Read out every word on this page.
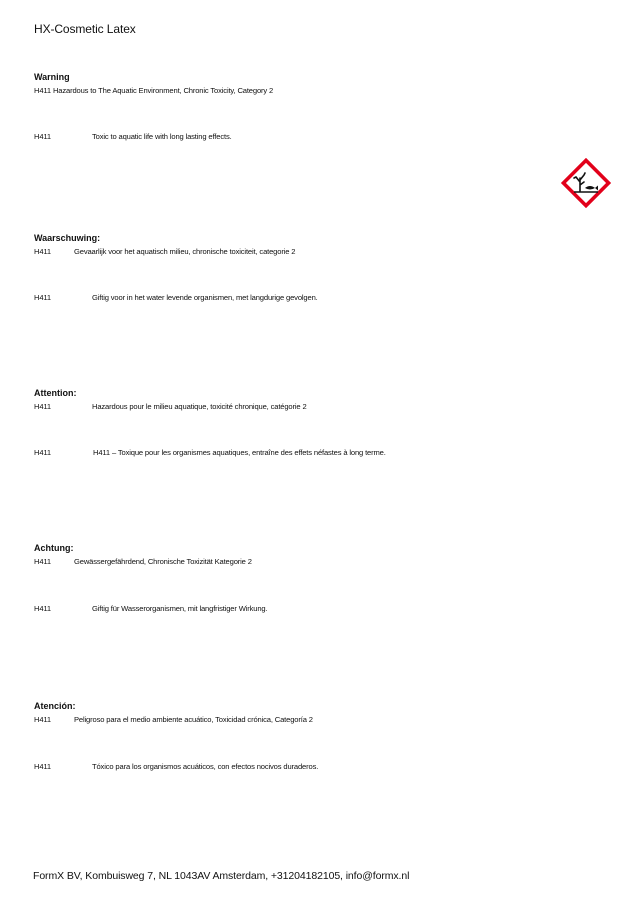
HX-Cosmetic Latex
Warning
H411 Hazardous to The Aquatic Environment, Chronic Toxicity, Category 2
H411	Toxic to aquatic life with long lasting effects.
Waarschuwing:
H411	Gevaarlijk voor het aquatisch milieu, chronische toxiciteit, categorie 2
H411	Giftig voor in het water levende organismen, met langdurige gevolgen.
Attention:
H411	Hazardous pour le milieu aquatique, toxicité chronique, catégorie 2
H411	H411 – Toxique pour les organismes aquatiques, entraîne des effets néfastes à long terme.
Achtung:
H411	Gewässergefährdend, Chronische Toxizität Kategorie 2
H411	Giftig für Wasserorganismen, mit langfristiger Wirkung.
Atención:
H411	Peligroso para el medio ambiente acuático, Toxicidad crónica, Categoría 2
H411	Tóxico para los organismos acuáticos, con efectos nocivos duraderos.
FormX BV, Kombuisweg 7, NL 1043AV Amsterdam, +31204182105, info@formx.nl
